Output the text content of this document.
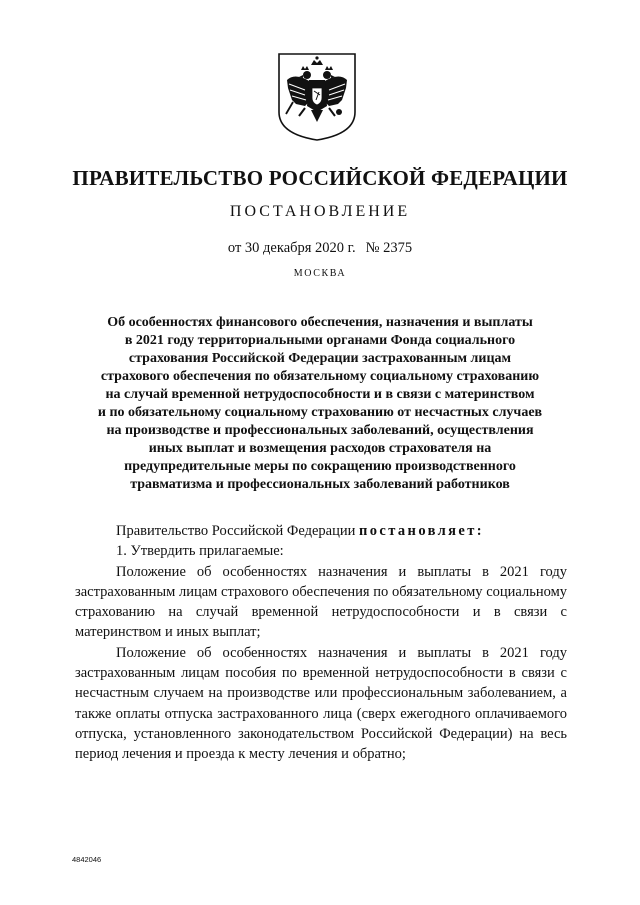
ПРАВИТЕЛЬСТВО РОССИЙСКОЙ ФЕДЕРАЦИИ
ПОСТАНОВЛЕНИЕ
от 30 декабря 2020 г. № 2375
МОСКВА
Об особенностях финансового обеспечения, назначения и выплаты
в 2021 году территориальными органами Фонда социального
страхования Российской Федерации застрахованным лицам
страхового обеспечения по обязательному социальному страхованию
на случай временной нетрудоспособности и в связи с материнством
и по обязательному социальному страхованию от несчастных случаев
на производстве и профессиональных заболеваний, осуществления
иных выплат и возмещения расходов страхователя на
предупредительные меры по сокращению производственного
травматизма и профессиональных заболеваний работников

Правительство Российской Федерации постановляет:

1. Утвердить прилагаемые:

Положение об особенностях назначения и выплаты в 2021 году застрахованным лицам страхового обеспечения по обязательному социальному страхованию на случай временной нетрудоспособности и в связи с материнством и иных выплат;

Положение об особенностях назначения и выплаты в 2021 году застрахованным лицам пособия по временной нетрудоспособности в связи с несчастным случаем на производстве или профессиональным заболеванием, а также оплаты отпуска застрахованного лица (сверх ежегодного оплачиваемого отпуска, установленного законодательством Российской Федерации) на весь период лечения и проезда к месту лечения и обратно;

4842046
